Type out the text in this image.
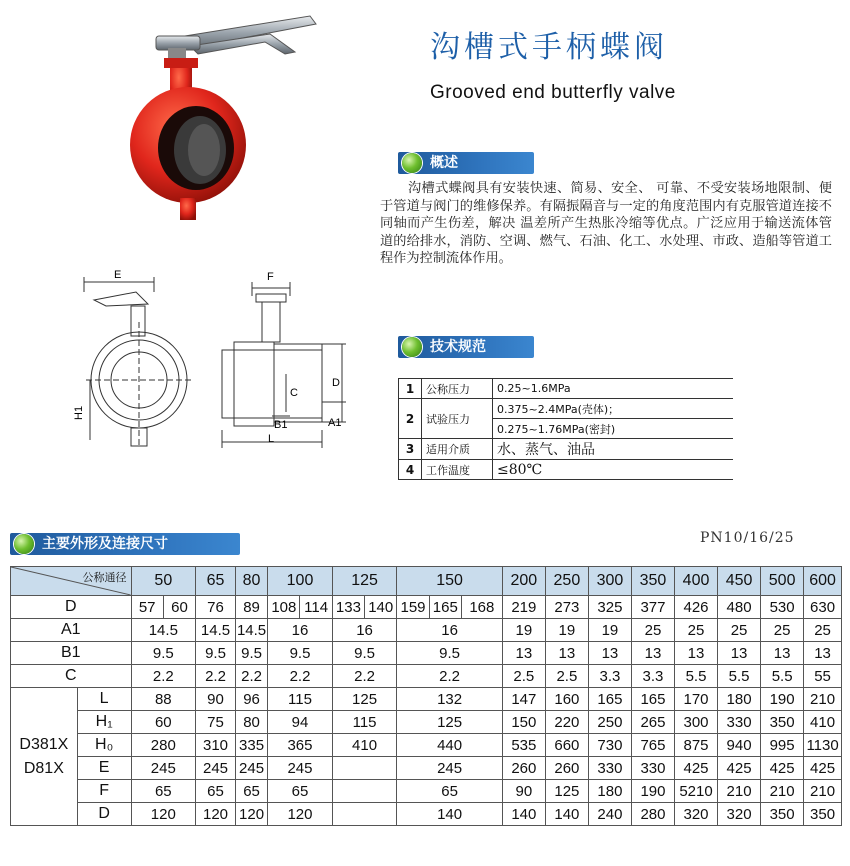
沟槽式手柄蝶阀
Grooved end butterfly valve
概述
沟槽式蝶阀具有安装快速、简易、安全、 可靠、不受安装场地限制、便于管道与阀门的维修保养。有隔振隔音与一定的角度范围内有克服管道连接不同轴而产生伤差，解决 温差所产生热胀冷缩等优点。广泛应用于输送流体管道的给排水，消防、空调、燃气、石油、化工、水处理、市政、造船等管道工程作为控制流体作用。
E	F
H1
C
D
B1	A1
L
技术规范
1	公称压力	0.25~1.6MPa
2	试验压力	0.375~2.4MPa(壳体)；
		0.275~1.76MPa(密封)
3	适用介质	水、蒸气、油品
4	工作温度	≤80℃
主要外形及连接尺寸	PN10/16/25
公称通径		50		65	80	100		125		150			200	250	300	350	400	450	500	600
D		57	60	76	89	108	114	133	140	159	165	168	219	273	325	377	426	480	530	630
A1		14.5		14.5	14.5	16		16		16			19	19	19	25	25	25	25	25
B1		9.5		9.5	9.5	9.5		9.5		9.5			13	13	13	13	13	13	13	13
C		2.2		2.2	2.2	2.2		2.2		2.2			2.5	2.5	3.3	3.3	5.5	5.5	5.5	55

D381X
D81X	L	88		90	96	115		125		132			147	160	165	165	170	180	190	210
	H₁	60		75	80	94		115		125			150	220	250	265	300	330	350	410
	H₀	280		310	335	365		410		440			535	660	730	765	875	940	995	1130
	E	245		245	245	245				245			260	260	330	330	425	425	425	425
	F	65		65	65	65				65			90	125	180	190	5210	210	210	210
	D	120		120	120	120				140			140	140	240	280	320	320	350	350
